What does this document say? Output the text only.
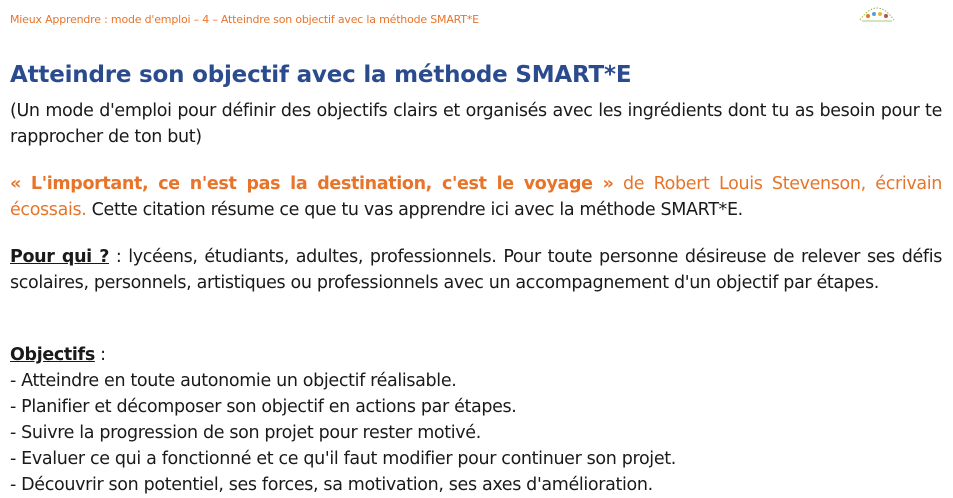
Mieux Apprendre : mode d'emploi – 4 – Atteindre son objectif avec la méthode SMART*E
Atteindre son objectif avec la méthode SMART*E
(Un mode d'emploi pour définir des objectifs clairs et organisés avec les ingrédients dont tu as besoin pour te rapprocher de ton but)
« L'important, ce n'est pas la destination, c'est le voyage » de Robert Louis Stevenson, écrivain écossais. Cette citation résume ce que tu vas apprendre ici avec la méthode SMART*E.
Pour qui ? : lycéens, étudiants, adultes, professionnels. Pour toute personne désireuse de relever ses défis scolaires, personnels, artistiques ou professionnels avec un accompagnement d'un objectif par étapes.
Objectifs :
- Atteindre en toute autonomie un objectif réalisable.
- Planifier et décomposer son objectif en actions par étapes.
- Suivre la progression de son projet pour rester motivé.
- Evaluer ce qui a fonctionné et ce qu'il faut modifier pour continuer son projet.
- Découvrir son potentiel, ses forces, sa motivation, ses axes d'amélioration.
